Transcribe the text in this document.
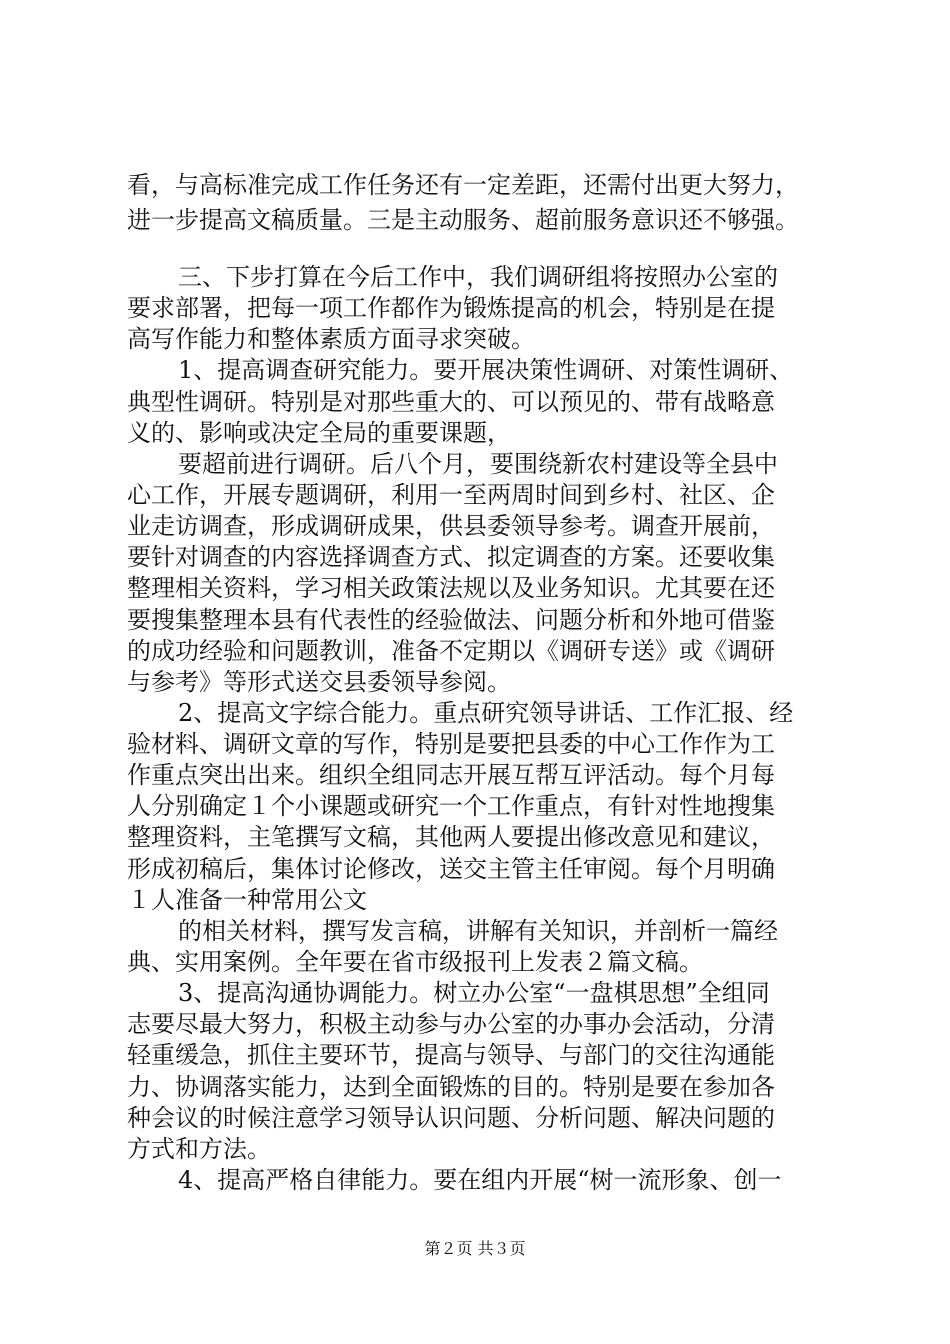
看，与高标准完成工作任务还有一定差距，还需付出更大努力，
进一步提高文稿质量。三是主动服务、超前服务意识还不够强。
三、下步打算在今后工作中，我们调研组将按照办公室的
要求部署，把每一项工作都作为锻炼提高的机会，特别是在提
高写作能力和整体素质方面寻求突破。
1、提高调查研究能力。要开展决策性调研、对策性调研、
典型性调研。特别是对那些重大的、可以预见的、带有战略意
义的、影响或决定全局的重要课题，
要超前进行调研。后八个月，要围绕新农村建设等全县中
心工作，开展专题调研，利用一至两周时间到乡村、社区、企
业走访调查，形成调研成果，供县委领导参考。调查开展前，
要针对调查的内容选择调查方式、拟定调查的方案。还要收集
整理相关资料，学习相关政策法规以及业务知识。尤其要在还
要搜集整理本县有代表性的经验做法、问题分析和外地可借鉴
的成功经验和问题教训，准备不定期以《调研专送》或《调研
与参考》等形式送交县委领导参阅。
2、提高文字综合能力。重点研究领导讲话、工作汇报、经
验材料、调研文章的写作，特别是要把县委的中心工作作为工
作重点突出出来。组织全组同志开展互帮互评活动。每个月每
人分别确定１个小课题或研究一个工作重点，有针对性地搜集
整理资料，主笔撰写文稿，其他两人要提出修改意见和建议，
形成初稿后，集体讨论修改，送交主管主任审阅。每个月明确
１人准备一种常用公文
的相关材料，撰写发言稿，讲解有关知识，并剖析一篇经
典、实用案例。全年要在省市级报刊上发表２篇文稿。
3、提高沟通协调能力。树立办公室“一盘棋思想”全组同
志要尽最大努力，积极主动参与办公室的办事办会活动，分清
轻重缓急，抓住主要环节，提高与领导、与部门的交往沟通能
力、协调落实能力，达到全面锻炼的目的。特别是要在参加各
种会议的时候注意学习领导认识问题、分析问题、解决问题的
方式和方法。
4、提高严格自律能力。要在组内开展“树一流形象、创一
第２页 共３页
